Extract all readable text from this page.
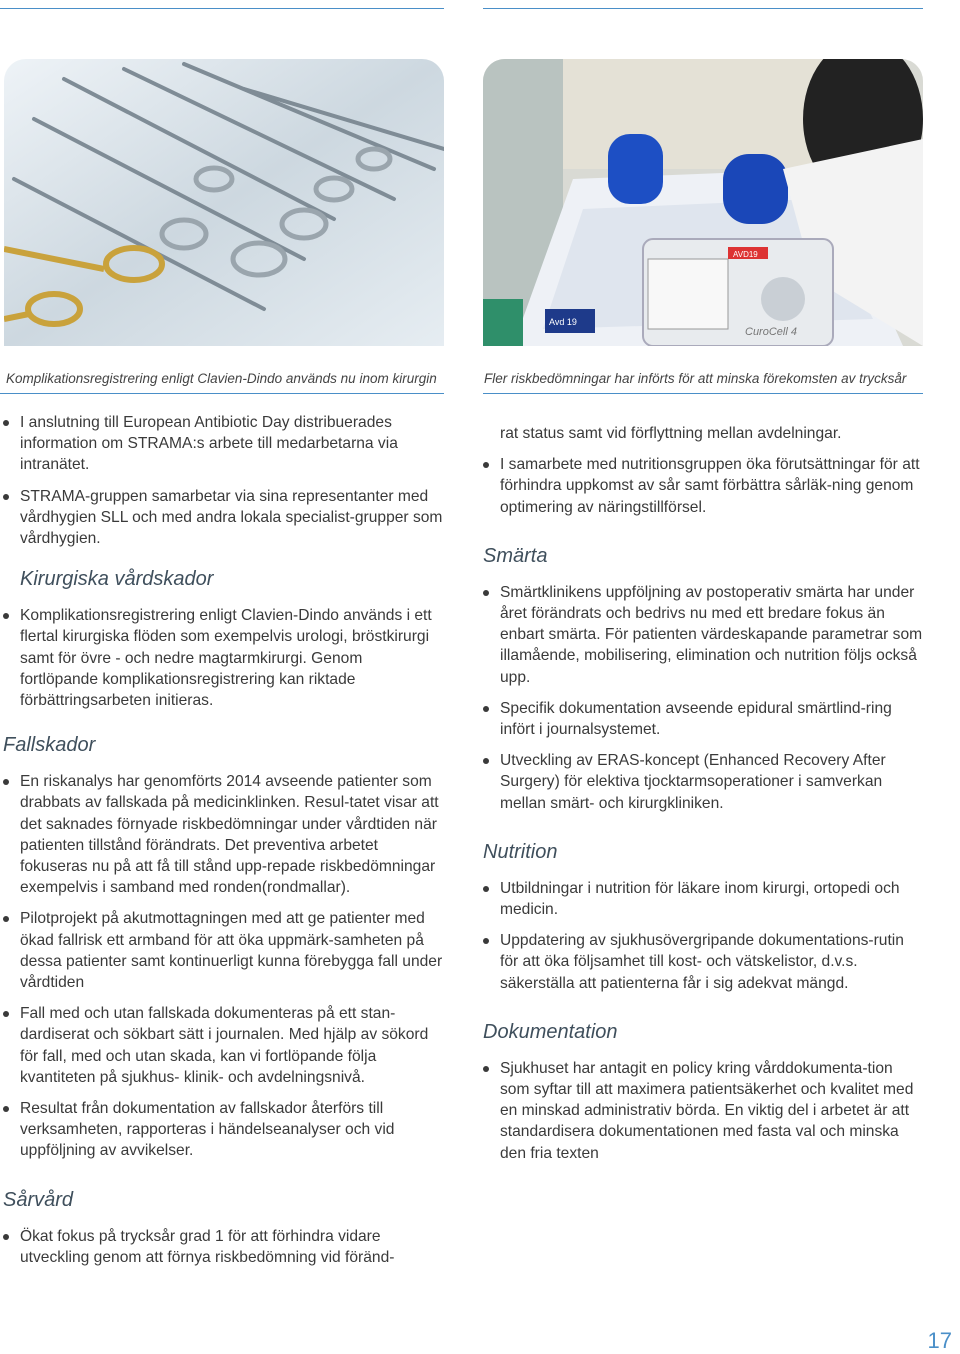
AVD19
Avd 19
CuroCell 4
Komplikationsregistrering enligt Clavien-Dindo används nu inom kirurgin	Fler riskbedömningar har införts för att minska förekomsten av trycksår
I anslutning till European Antibiotic Day distribuerades information om STRAMA:s arbete till medarbetarna via intranätet.
STRAMA-gruppen samarbetar via sina representanter med vårdhygien SLL och med andra lokala specialist-grupper som vårdhygien.
Kirurgiska vårdskador
Komplikationsregistrering enligt Clavien-Dindo används i ett flertal kirurgiska flöden som exempelvis urologi, bröstkirurgi samt för övre - och nedre magtarmkirurgi. Genom fortlöpande komplikationsregistrering kan riktade förbättringsarbeten initieras.
Fallskador
En riskanalys har genomförts 2014 avseende patienter som drabbats av fallskada på medicinklinken. Resul-tatet visar att det saknades förnyade riskbedömningar under vårdtiden när patienten tillstånd förändrats. Det preventiva arbetet fokuseras nu på att få till stånd upp-repade riskbedömningar exempelvis i samband med ronden(rondmallar).
Pilotprojekt på akutmottagningen med att ge patienter med ökad fallrisk ett armband för att öka uppmärk-samheten på dessa patienter samt kontinuerligt kunna förebygga fall under vårdtiden
Fall med och utan fallskada dokumenteras på ett stan-dardiserat och sökbart sätt i journalen. Med hjälp av sökord för fall, med och utan skada, kan vi fortlöpande följa kvantiteten på sjukhus- klinik- och avdelningsnivå.
Resultat från dokumentation av fallskador återförs till verksamheten, rapporteras i händelseanalyser och vid uppföljning av avvikelser.
Sårvård
Ökat fokus på trycksår grad 1 för att förhindra vidare utveckling genom att förnya riskbedömning vid föränd-
rat status samt vid förflyttning mellan avdelningar.
I samarbete med nutritionsgruppen öka förutsättningar för att förhindra uppkomst av sår samt förbättra sårläk-ning genom optimering av näringstillförsel.
Smärta
Smärtklinikens uppföljning av postoperativ smärta har under året förändrats och bedrivs nu med ett bredare fokus än enbart smärta. För patienten värdeskapande parametrar som illamående, mobilisering, elimination och nutrition följs också upp.
Specifik dokumentation avseende epidural smärtlind-ring infört i journalsystemet.
Utveckling av ERAS-koncept (Enhanced Recovery After Surgery) för elektiva tjocktarmsoperationer i samverkan mellan smärt- och kirurgkliniken.
Nutrition
Utbildningar i nutrition för läkare inom kirurgi, ortopedi och medicin.
Uppdatering av sjukhusövergripande dokumentations-rutin för att öka följsamhet till kost- och vätskelistor, d.v.s. säkerställa att patienterna får i sig adekvat mängd.
Dokumentation
Sjukhuset har antagit en policy kring vårddokumenta-tion som syftar till att maximera patientsäkerhet och kvalitet med en minskad administrativ börda. En viktig del i arbetet är att standardisera dokumentationen med fasta val och minska den fria texten
17
